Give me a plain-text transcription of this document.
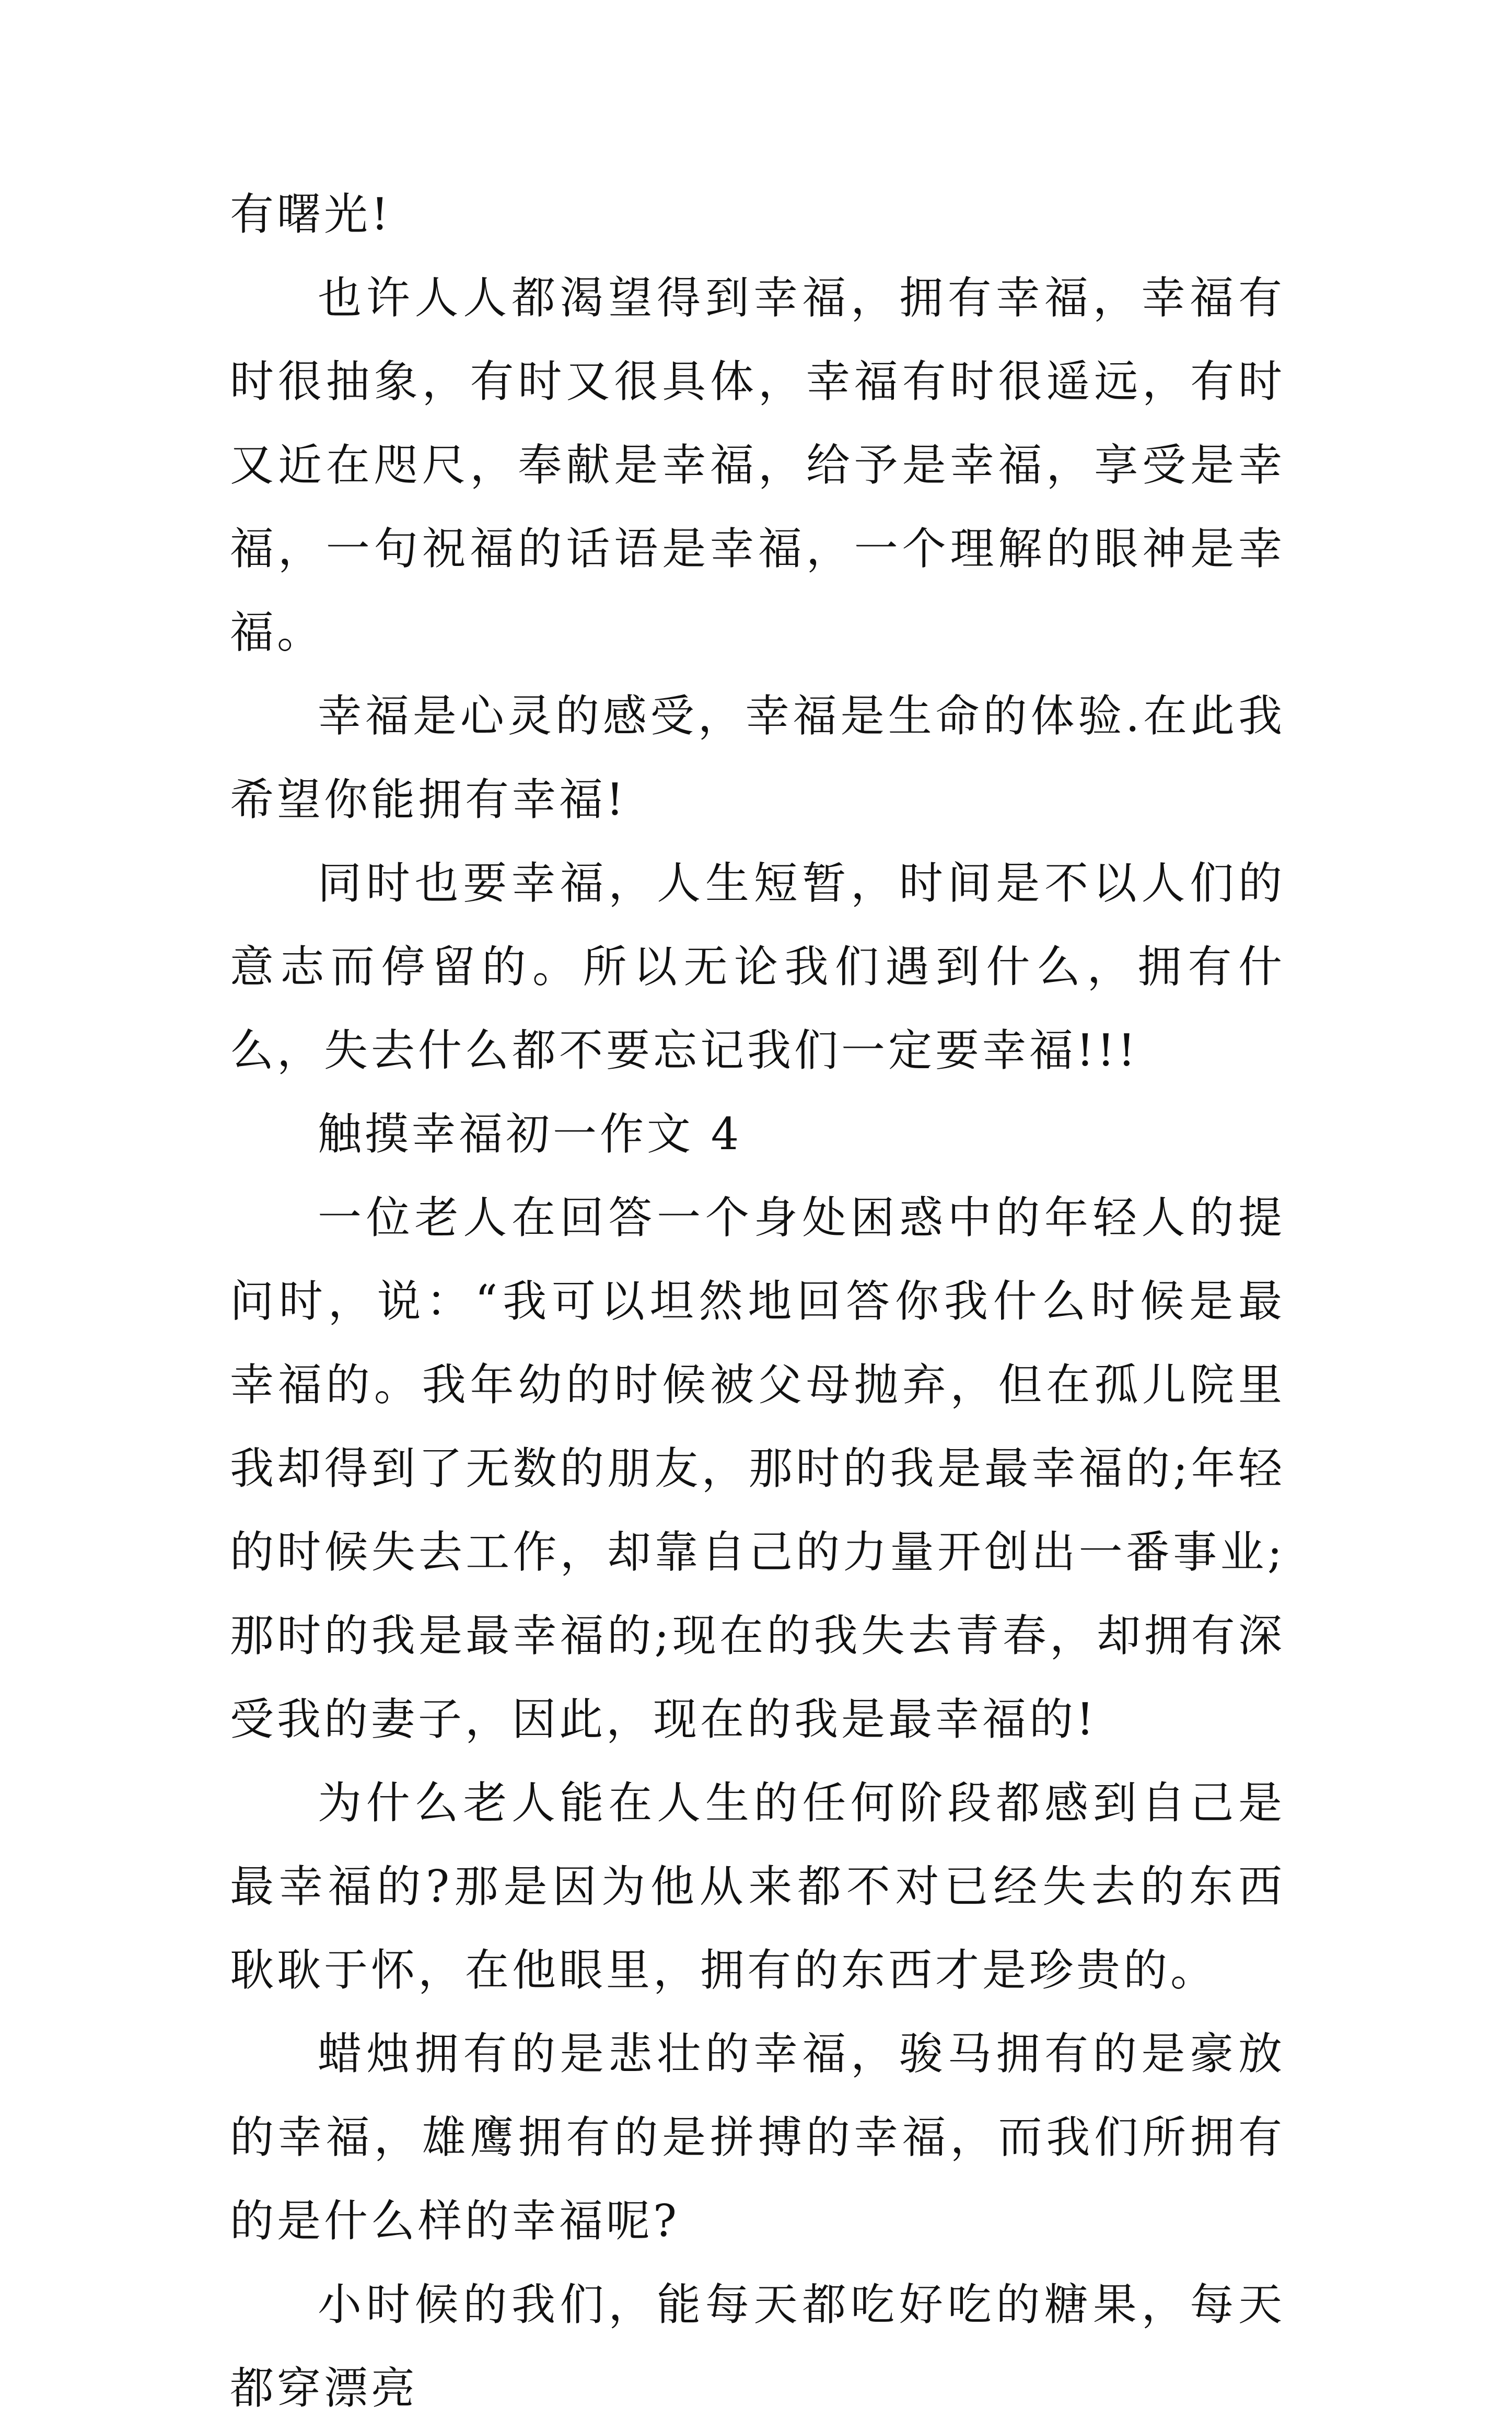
有曙光!

也许人人都渴望得到幸福，拥有幸福，幸福有时很抽象，有时又很具体，幸福有时很遥远，有时又近在咫尺，奉献是幸福，给予是幸福，享受是幸福，一句祝福的话语是幸福，一个理解的眼神是幸福。

幸福是心灵的感受，幸福是生命的体验.在此我希望你能拥有幸福!

同时也要幸福，人生短暂，时间是不以人们的意志而停留的。所以无论我们遇到什么，拥有什么，失去什么都不要忘记我们一定要幸福!!!

触摸幸福初一作文 4

一位老人在回答一个身处困惑中的年轻人的提问时，说：“我可以坦然地回答你我什么时候是最幸福的。我年幼的时候被父母抛弃，但在孤儿院里我却得到了无数的朋友，那时的我是最幸福的;年轻的时候失去工作，却靠自己的力量开创出一番事业;那时的我是最幸福的;现在的我失去青春，却拥有深受我的妻子，因此，现在的我是最幸福的!

为什么老人能在人生的任何阶段都感到自己是最幸福的?那是因为他从来都不对已经失去的东西耿耿于怀，在他眼里，拥有的东西才是珍贵的。

蜡烛拥有的是悲壮的幸福，骏马拥有的是豪放的幸福，雄鹰拥有的是拼搏的幸福，而我们所拥有的是什么样的幸福呢?

小时候的我们，能每天都吃好吃的糖果，每天都穿漂亮
